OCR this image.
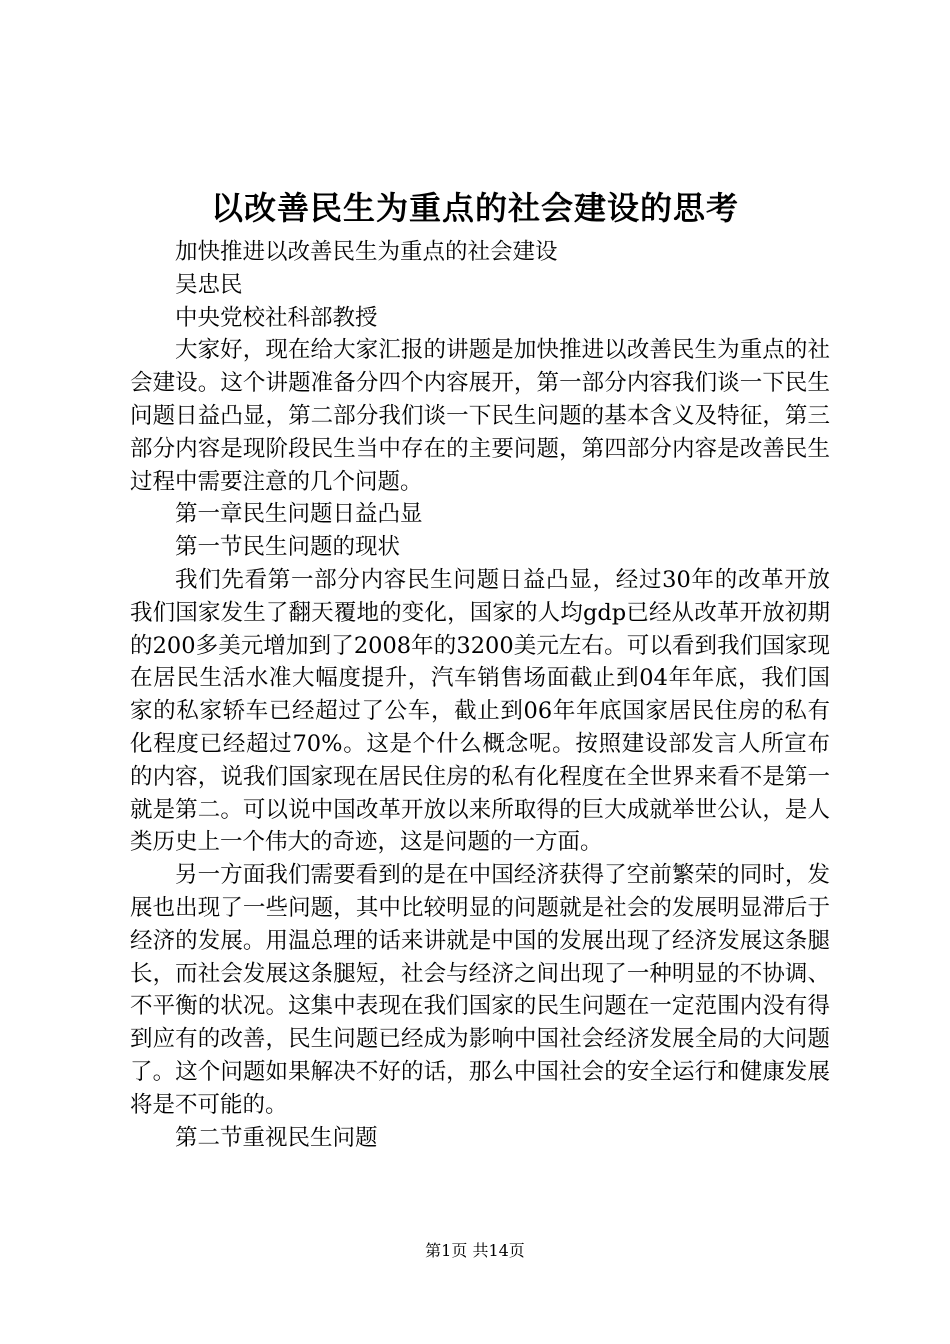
以改善民生为重点的社会建设的思考

加快推进以改善民生为重点的社会建设

吴忠民

中央党校社科部教授

大家好，现在给大家汇报的讲题是加快推进以改善民生为重点的社会建设。这个讲题准备分四个内容展开，第一部分内容我们谈一下民生问题日益凸显，第二部分我们谈一下民生问题的基本含义及特征，第三部分内容是现阶段民生当中存在的主要问题，第四部分内容是改善民生过程中需要注意的几个问题。

第一章民生问题日益凸显

第一节民生问题的现状

我们先看第一部分内容民生问题日益凸显，经过30年的改革开放我们国家发生了翻天覆地的变化，国家的人均gdp已经从改革开放初期的200多美元增加到了2008年的3200美元左右。可以看到我们国家现在居民生活水准大幅度提升，汽车销售场面截止到04年年底，我们国家的私家轿车已经超过了公车，截止到06年年底国家居民住房的私有化程度已经超过70%。这是个什么概念呢。按照建设部发言人所宣布的内容，说我们国家现在居民住房的私有化程度在全世界来看不是第一就是第二。可以说中国改革开放以来所取得的巨大成就举世公认，是人类历史上一个伟大的奇迹，这是问题的一方面。

另一方面我们需要看到的是在中国经济获得了空前繁荣的同时，发展也出现了一些问题，其中比较明显的问题就是社会的发展明显滞后于经济的发展。用温总理的话来讲就是中国的发展出现了经济发展这条腿长，而社会发展这条腿短，社会与经济之间出现了一种明显的不协调、不平衡的状况。这集中表现在我们国家的民生问题在一定范围内没有得到应有的改善，民生问题已经成为影响中国社会经济发展全局的大问题了。这个问题如果解决不好的话，那么中国社会的安全运行和健康发展将是不可能的。

第二节重视民生问题

第1页 共14页
